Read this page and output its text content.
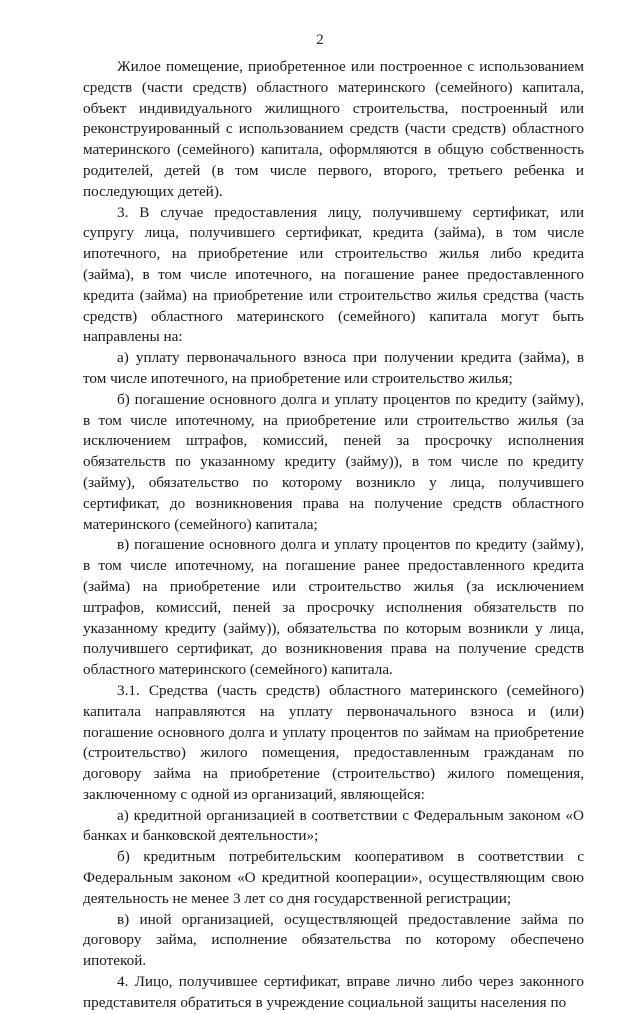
2

Жилое помещение, приобретенное или построенное с использованием средств (части средств) областного материнского (семейного) капитала, объект индивидуального жилищного строительства, построенный или реконструированный с использованием средств (части средств) областного материнского (семейного) капитала, оформляются в общую собственность родителей, детей (в том числе первого, второго, третьего ребенка и последующих детей).

3. В случае предоставления лицу, получившему сертификат, или супругу лица, получившего сертификат, кредита (займа), в том числе ипотечного, на приобретение или строительство жилья либо кредита (займа), в том числе ипотечного, на погашение ранее предоставленного кредита (займа) на приобретение или строительство жилья средства (часть средств) областного материнского (семейного) капитала могут быть направлены на:

а) уплату первоначального взноса при получении кредита (займа), в том числе ипотечного, на приобретение или строительство жилья;

б) погашение основного долга и уплату процентов по кредиту (займу), в том числе ипотечному, на приобретение или строительство жилья (за исключением штрафов, комиссий, пеней за просрочку исполнения обязательств по указанному кредиту (займу)), в том числе по кредиту (займу), обязательство по которому возникло у лица, получившего сертификат, до возникновения права на получение средств областного материнского (семейного) капитала;

в) погашение основного долга и уплату процентов по кредиту (займу), в том числе ипотечному, на погашение ранее предоставленного кредита (займа) на приобретение или строительство жилья (за исключением штрафов, комиссий, пеней за просрочку исполнения обязательств по указанному кредиту (займу)), обязательства по которым возникли у лица, получившего сертификат, до возникновения права на получение средств областного материнского (семейного) капитала.

3.1. Средства (часть средств) областного материнского (семейного) капитала направляются на уплату первоначального взноса и (или) погашение основного долга и уплату процентов по займам на приобретение (строительство) жилого помещения, предоставленным гражданам по договору займа на приобретение (строительство) жилого помещения, заключенному с одной из организаций, являющейся:

а) кредитной организацией в соответствии с Федеральным законом «О банках и банковской деятельности»;

б) кредитным потребительским кооперативом в соответствии с Федеральным законом «О кредитной кооперации», осуществляющим свою деятельность не менее 3 лет со дня государственной регистрации;

в) иной организацией, осуществляющей предоставление займа по договору займа, исполнение обязательства по которому обеспечено ипотекой.

4. Лицо, получившее сертификат, вправе лично либо через законного представителя обратиться в учреждение социальной защиты населения по
